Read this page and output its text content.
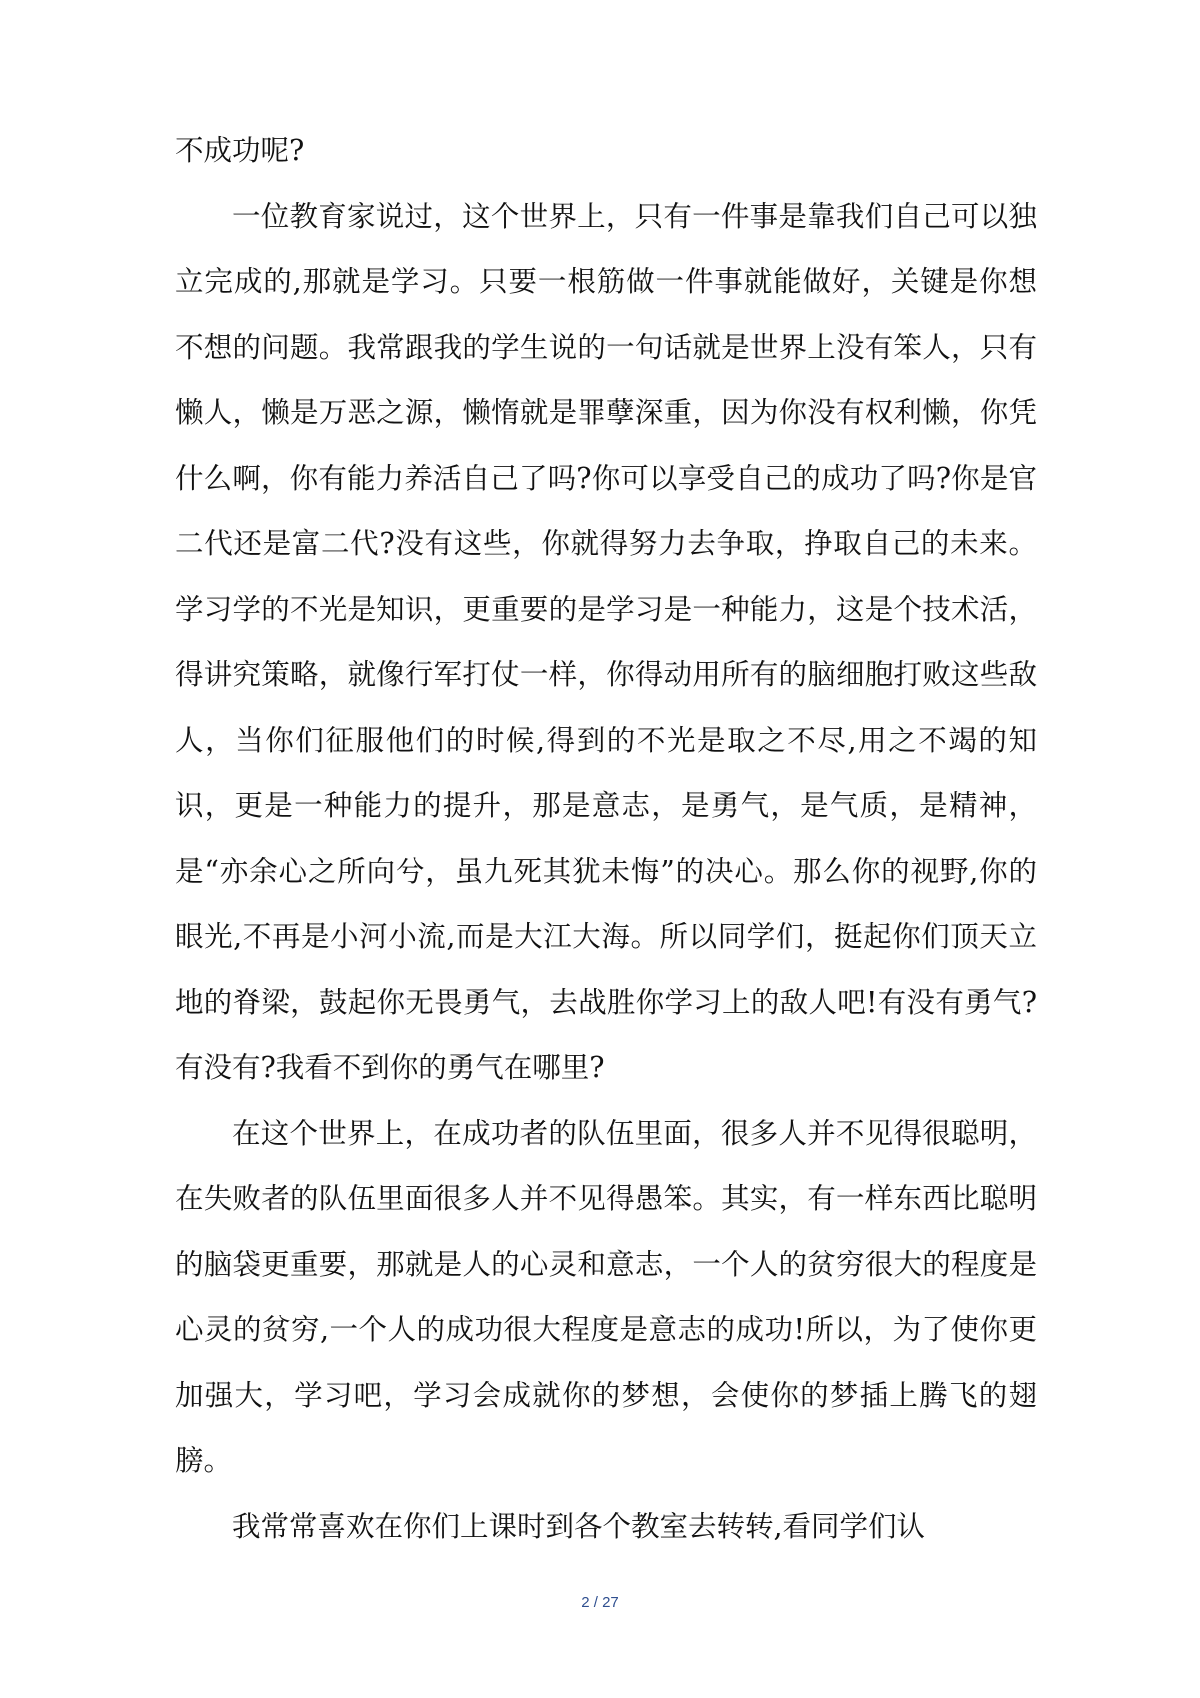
不成功呢?

一位教育家说过，这个世界上，只有一件事是靠我们自己可以独立完成的,那就是学习。只要一根筋做一件事就能做好，关键是你想不想的问题。我常跟我的学生说的一句话就是世界上没有笨人，只有懒人，懒是万恶之源，懒惰就是罪孽深重，因为你没有权利懒，你凭什么啊，你有能力养活自己了吗?你可以享受自己的成功了吗?你是官二代还是富二代?没有这些，你就得努力去争取，挣取自己的未来。学习学的不光是知识，更重要的是学习是一种能力，这是个技术活，得讲究策略，就像行军打仗一样，你得动用所有的脑细胞打败这些敌人，当你们征服他们的时候,得到的不光是取之不尽,用之不竭的知识，更是一种能力的提升，那是意志，是勇气，是气质，是精神，是“亦余心之所向兮，虽九死其犹未悔”的决心。那么你的视野,你的眼光,不再是小河小流,而是大江大海。所以同学们，挺起你们顶天立地的脊梁，鼓起你无畏勇气，去战胜你学习上的敌人吧!有没有勇气?有没有?我看不到你的勇气在哪里?

在这个世界上，在成功者的队伍里面，很多人并不见得很聪明，在失败者的队伍里面很多人并不见得愚笨。其实，有一样东西比聪明的脑袋更重要，那就是人的心灵和意志，一个人的贫穷很大的程度是心灵的贫穷,一个人的成功很大程度是意志的成功!所以，为了使你更加强大，学习吧，学习会成就你的梦想，会使你的梦插上腾飞的翅膀。

我常常喜欢在你们上课时到各个教室去转转,看同学们认

2 / 27
